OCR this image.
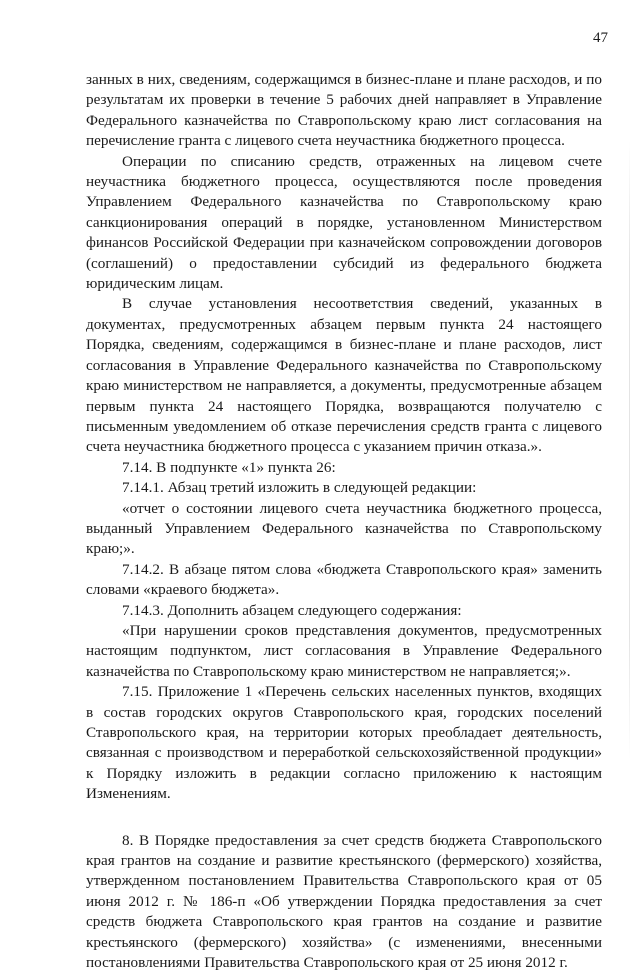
47

занных в них, сведениям, содержащимся в бизнес-плане и плане расходов, и по результатам их проверки в течение 5 рабочих дней направляет в Управление Федерального казначейства по Ставропольскому краю лист согласования на перечисление гранта с лицевого счета неучастника бюджетного процесса.

Операции по списанию средств, отраженных на лицевом счете неучастника бюджетного процесса, осуществляются после проведения Управлением Федерального казначейства по Ставропольскому краю санкционирования операций в порядке, установленном Министерством финансов Российской Федерации при казначейском сопровождении договоров (соглашений) о предоставлении субсидий из федерального бюджета юридическим лицам.

В случае установления несоответствия сведений, указанных в документах, предусмотренных абзацем первым пункта 24 настоящего Порядка, сведениям, содержащимся в бизнес-плане и плане расходов, лист согласования в Управление Федерального казначейства по Ставропольскому краю министерством не направляется, а документы, предусмотренные абзацем первым пункта 24 настоящего Порядка, возвращаются получателю с письменным уведомлением об отказе перечисления средств гранта с лицевого счета неучастника бюджетного процесса с указанием причин отказа.».

7.14. В подпункте «1» пункта 26:

7.14.1. Абзац третий изложить в следующей редакции:

«отчет о состоянии лицевого счета неучастника бюджетного процесса, выданный Управлением Федерального казначейства по Ставропольскому краю;».

7.14.2. В абзаце пятом слова «бюджета Ставропольского края» заменить словами «краевого бюджета».

7.14.3. Дополнить абзацем следующего содержания:

«При нарушении сроков представления документов, предусмотренных настоящим подпунктом, лист согласования в Управление Федерального казначейства по Ставропольскому краю министерством не направляется;».

7.15. Приложение 1 «Перечень сельских населенных пунктов, входящих в состав городских округов Ставропольского края, городских поселений Ставропольского края, на территории которых преобладает деятельность, связанная с производством и переработкой сельскохозяйственной продукции» к Порядку изложить в редакции согласно приложению к настоящим Изменениям.

8. В Порядке предоставления за счет средств бюджета Ставропольского края грантов на создание и развитие крестьянского (фермерского) хозяйства, утвержденном постановлением Правительства Ставропольского края от 05 июня 2012 г. № 186-п «Об утверждении Порядка предоставления за счет средств бюджета Ставропольского края грантов на создание и развитие крестьянского (фермерского) хозяйства» (с изменениями, внесенными постановлениями Правительства Ставропольского края от 25 июня 2012 г.
